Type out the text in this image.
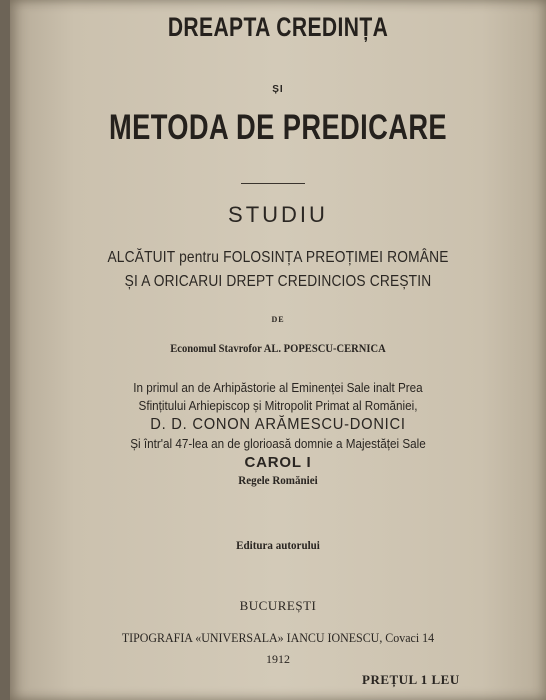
DREAPTA CREDINȚA
ȘI
METODA DE PREDICARE
STUDIU
ALCĂTUIT pentru FOLOSINȚA PREOȚIMEI ROMÂNE
ȘI A ORICARUI DREPT CREDINCIOS CREȘTIN
DE
Economul Stavrofor AL. POPESCU-CERNICA
In primul an de Arhipăstorie al Eminenței Sale inalt Prea
Sfințitului Arhiepiscop și Mitropolit Primat al Romăniei,
D. D. CONON ARĂMESCU-DONICI
Și într'al 47-lea an de glorioasă domnie a Majestăței Sale
CAROL I
Regele Romăniei
Editura autorului
BUCUREȘTI
TIPOGRAFIA «UNIVERSALA» IANCU IONESCU, Covaci 14
1912
PREȚUL 1 LEU
